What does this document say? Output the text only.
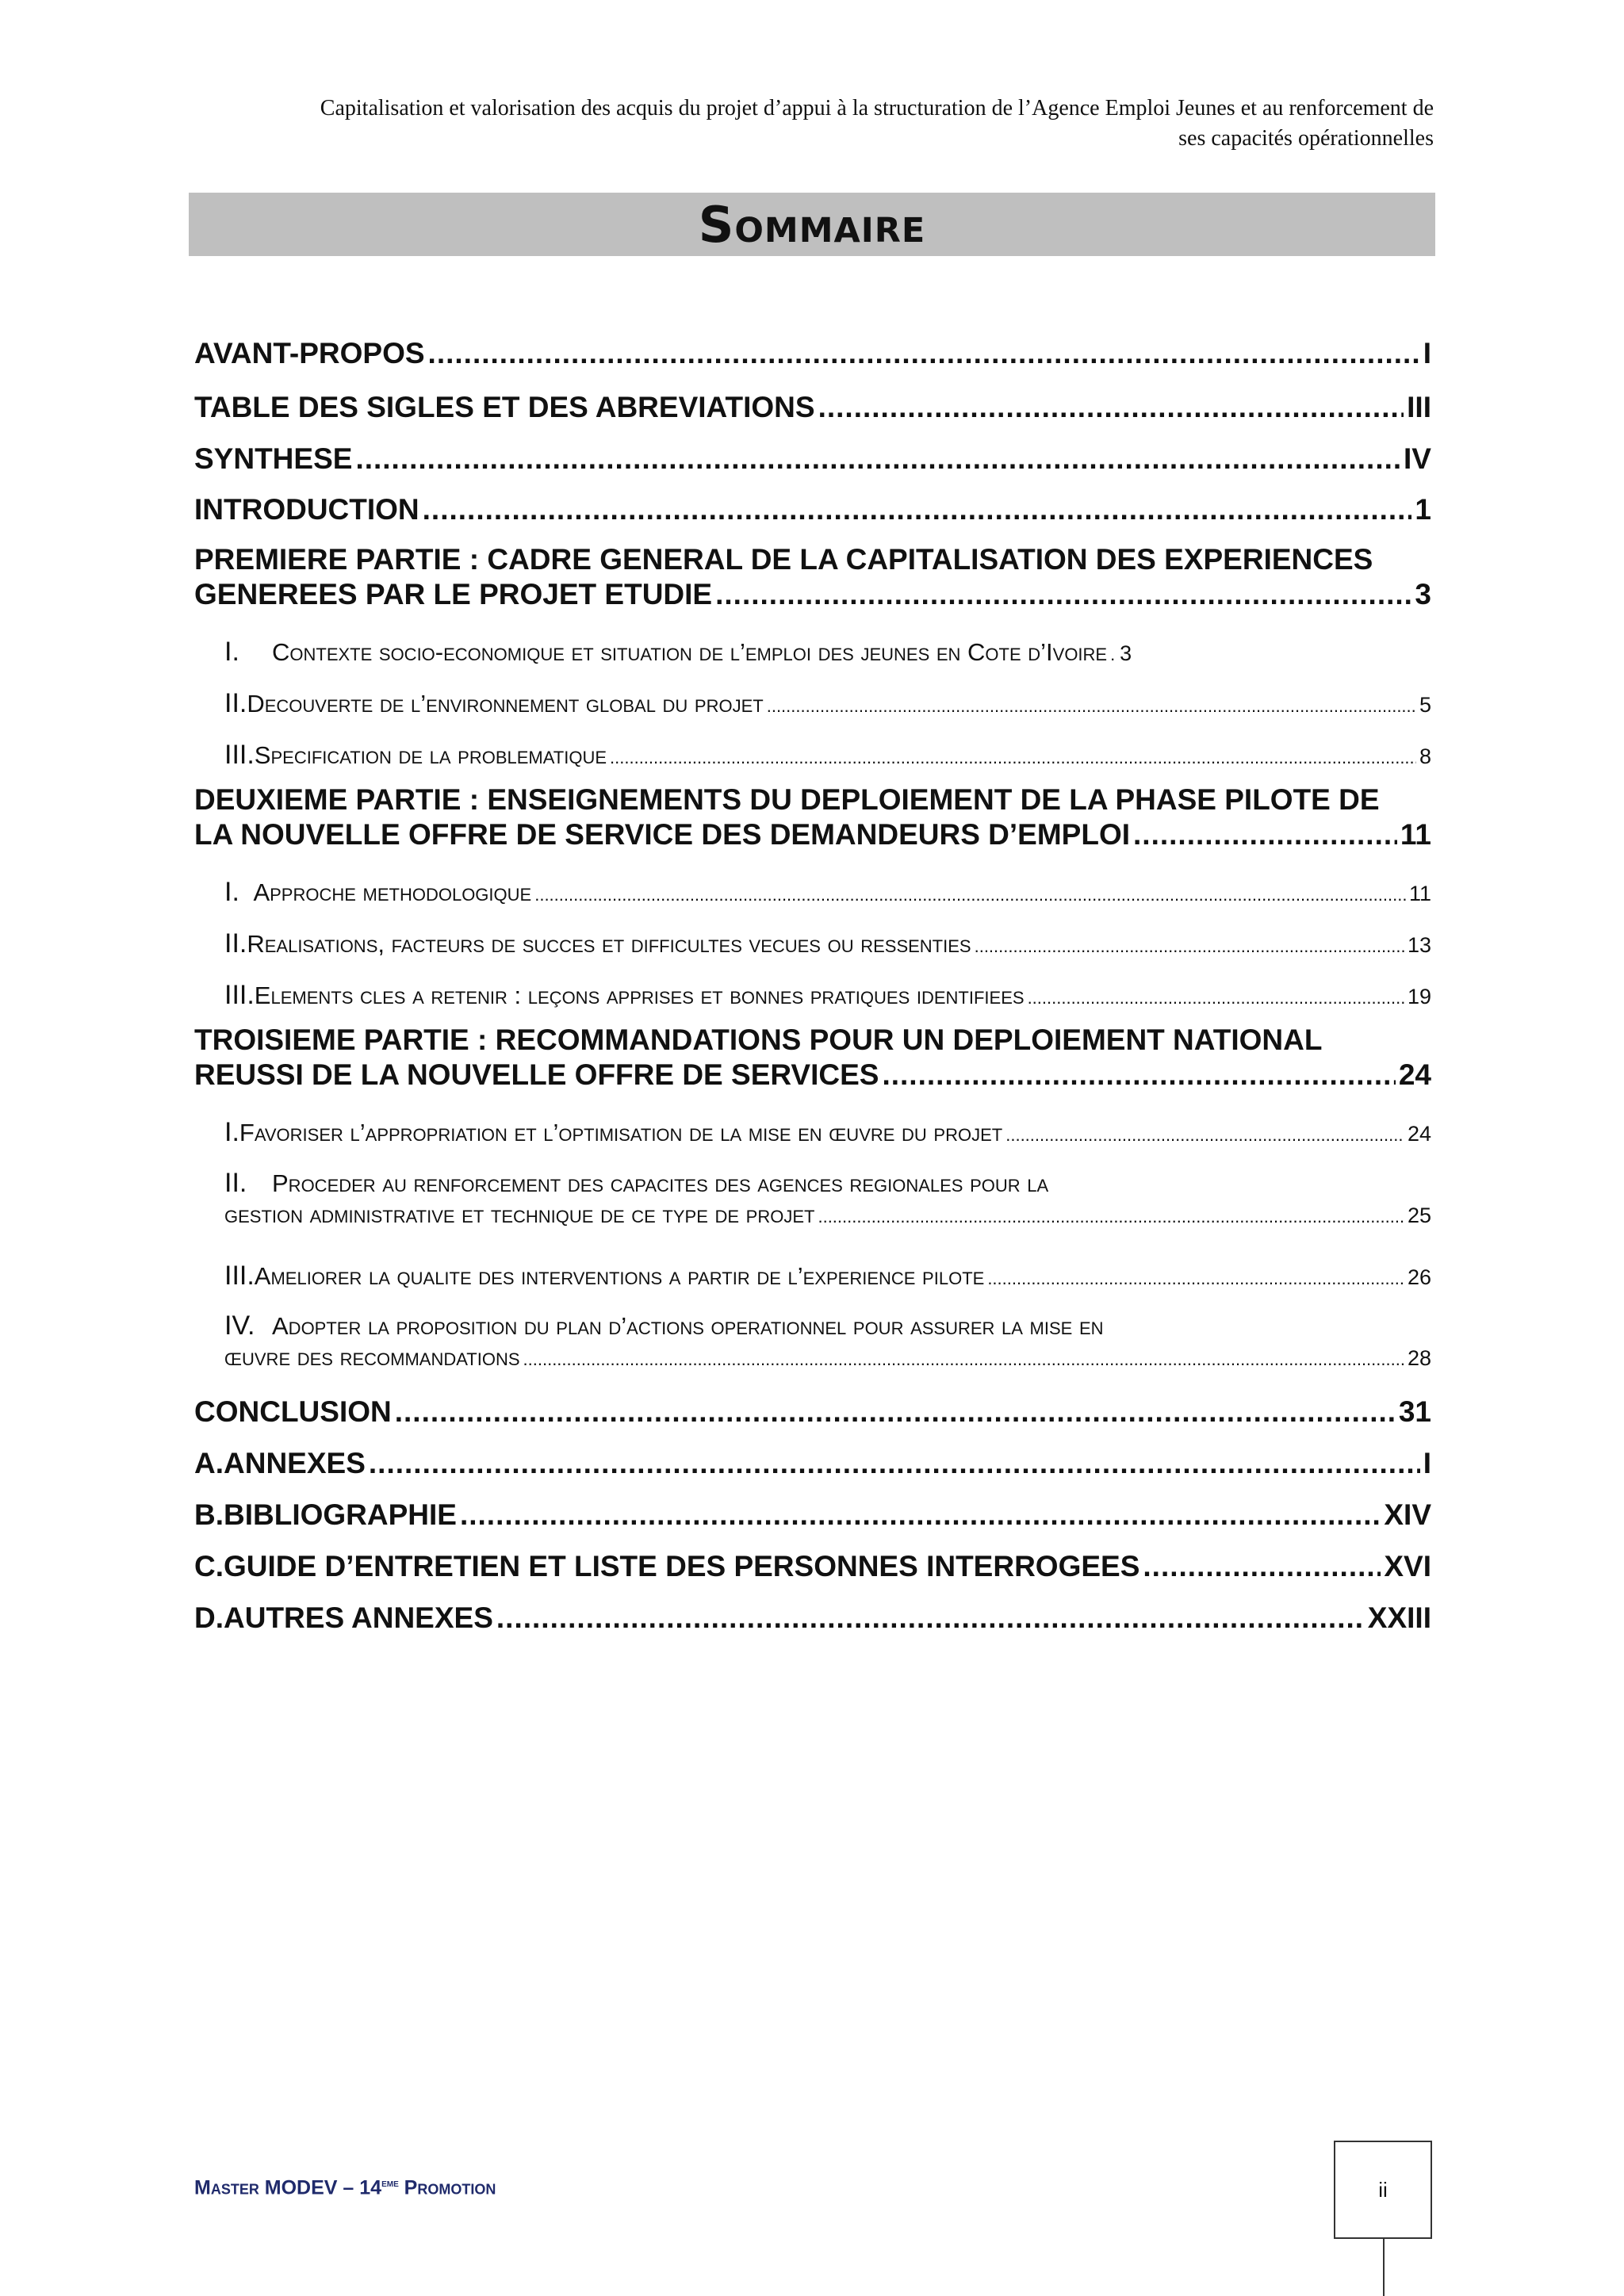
Capitalisation et valorisation des acquis du projet d’appui à la structuration de l’Agence Emploi Jeunes et au renforcement de
ses capacités opérationnelles
Sommaire
AVANT-PROPOS .....	I
TABLE DES SIGLES ET DES ABREVIATIONS .....	III
SYNTHESE .....	IV
INTRODUCTION .....	1
PREMIERE PARTIE : CADRE GENERAL DE LA CAPITALISATION DES EXPERIENCES
GENEREES PAR LE PROJET ETUDIE .....	3
I.	Contexte socio-economique et situation de l’emploi des jeunes en Cote d’Ivoire ..... 3
II. Decouverte de l’environnement global du projet .....	5
III. Specification de la problematique .....	8
DEUXIEME PARTIE : ENSEIGNEMENTS DU DEPLOIEMENT DE LA PHASE PILOTE DE
LA NOUVELLE OFFRE DE SERVICE DES DEMANDEURS D’EMPLOI .....	11
I. Approche methodologique .....	11
II. Realisations, facteurs de succes et difficultes vecues ou ressenties .....	13
III. Elements cles a retenir : leçons apprises et bonnes pratiques identifiees .....	19
TROISIEME PARTIE : RECOMMANDATIONS POUR UN DEPLOIEMENT NATIONAL
REUSSI DE LA NOUVELLE OFFRE DE SERVICES .....	24
I. Favoriser l’appropriation et l’optimisation de la mise en œuvre du projet .....	24
II. Proceder au renforcement des capacites des agences regionales pour la
gestion administrative et technique de ce type de projet .....	25
III. Ameliorer la qualite des interventions a partir de l’experience pilote .....	26
IV. Adopter la proposition du plan d’actions operationnel pour assurer la mise en
œuvre des recommandations .....	28
CONCLUSION .....	31
A. ANNEXES .....	I
B. BIBLIOGRAPHIE .....	XIV
C. GUIDE D’ENTRETIEN ET LISTE DES PERSONNES INTERROGEES .....	XVI
D. AUTRES ANNEXES .....	XXIII
Master MODEV – 14eme Promotion	ii
